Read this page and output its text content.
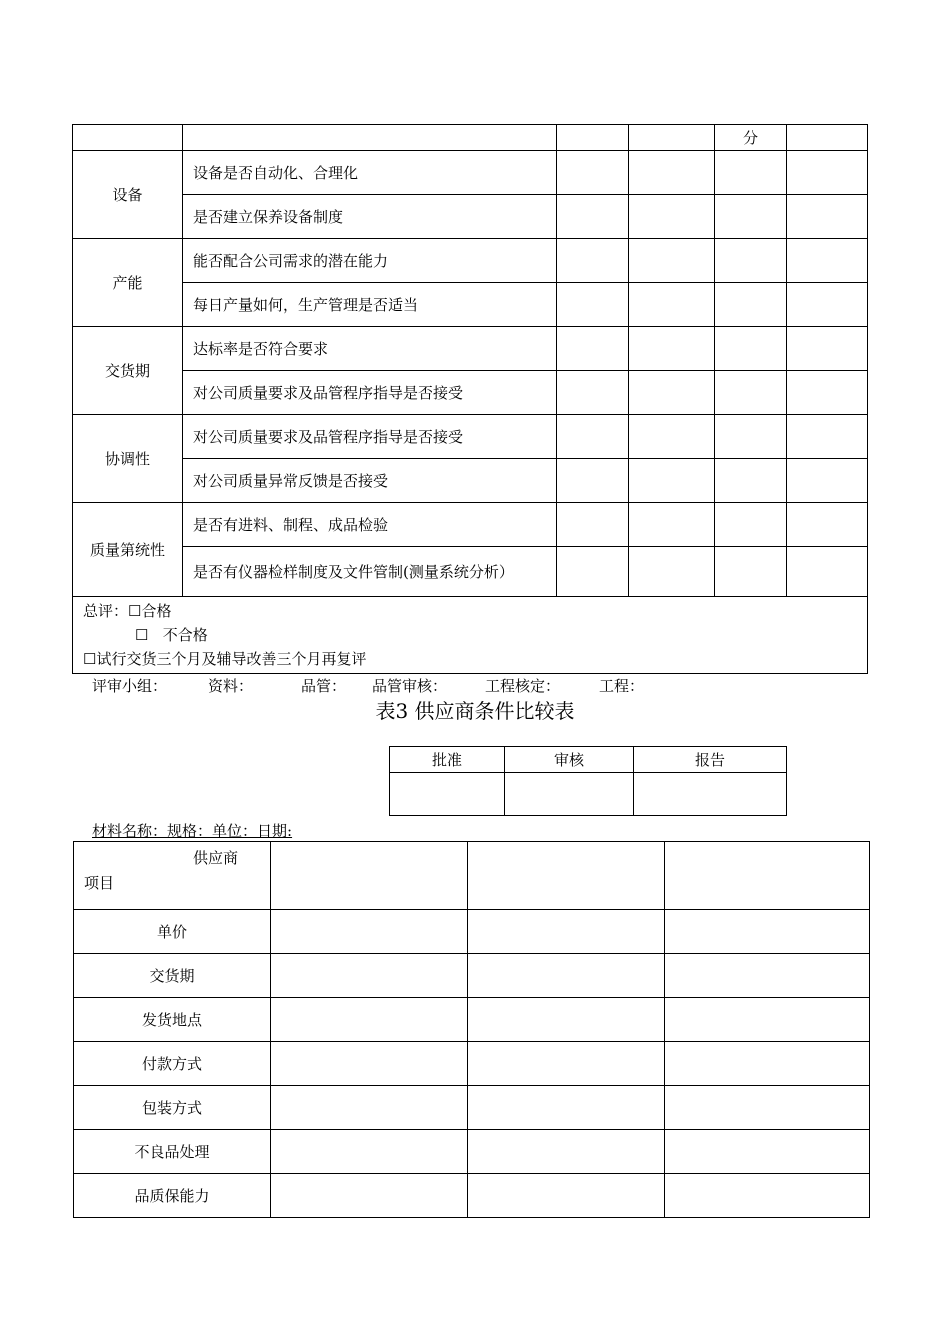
				分	
设备	设备是否自动化、合理化				
	是否建立保养设备制度				
产能	能否配合公司需求的潜在能力				
	每日产量如何，生产管理是否适当				
交货期	达标率是否符合要求				
	对公司质量要求及品管程序指导是否接受				
协调性	对公司质量要求及品管程序指导是否接受				
	对公司质量异常反馈是否接受				
质量第统性	是否有进料、制程、成品检验				
	是否有仪器检样制度及文件管制(测量系统分析）				

总评：☐合格
☐   不合格
☐试行交货三个月及辅导改善三个月再复评					

评审小组：

	资料：

	品管：

品管审核：

	工程核定：

	工程：

表3 供应商条件比较表
批准	审核	报告

材料名称：规格：单位：日期:
供应商
项目			

单价			
交货期			
发货地点			
付款方式			
包装方式			
不良品处理			
品质保能力			
